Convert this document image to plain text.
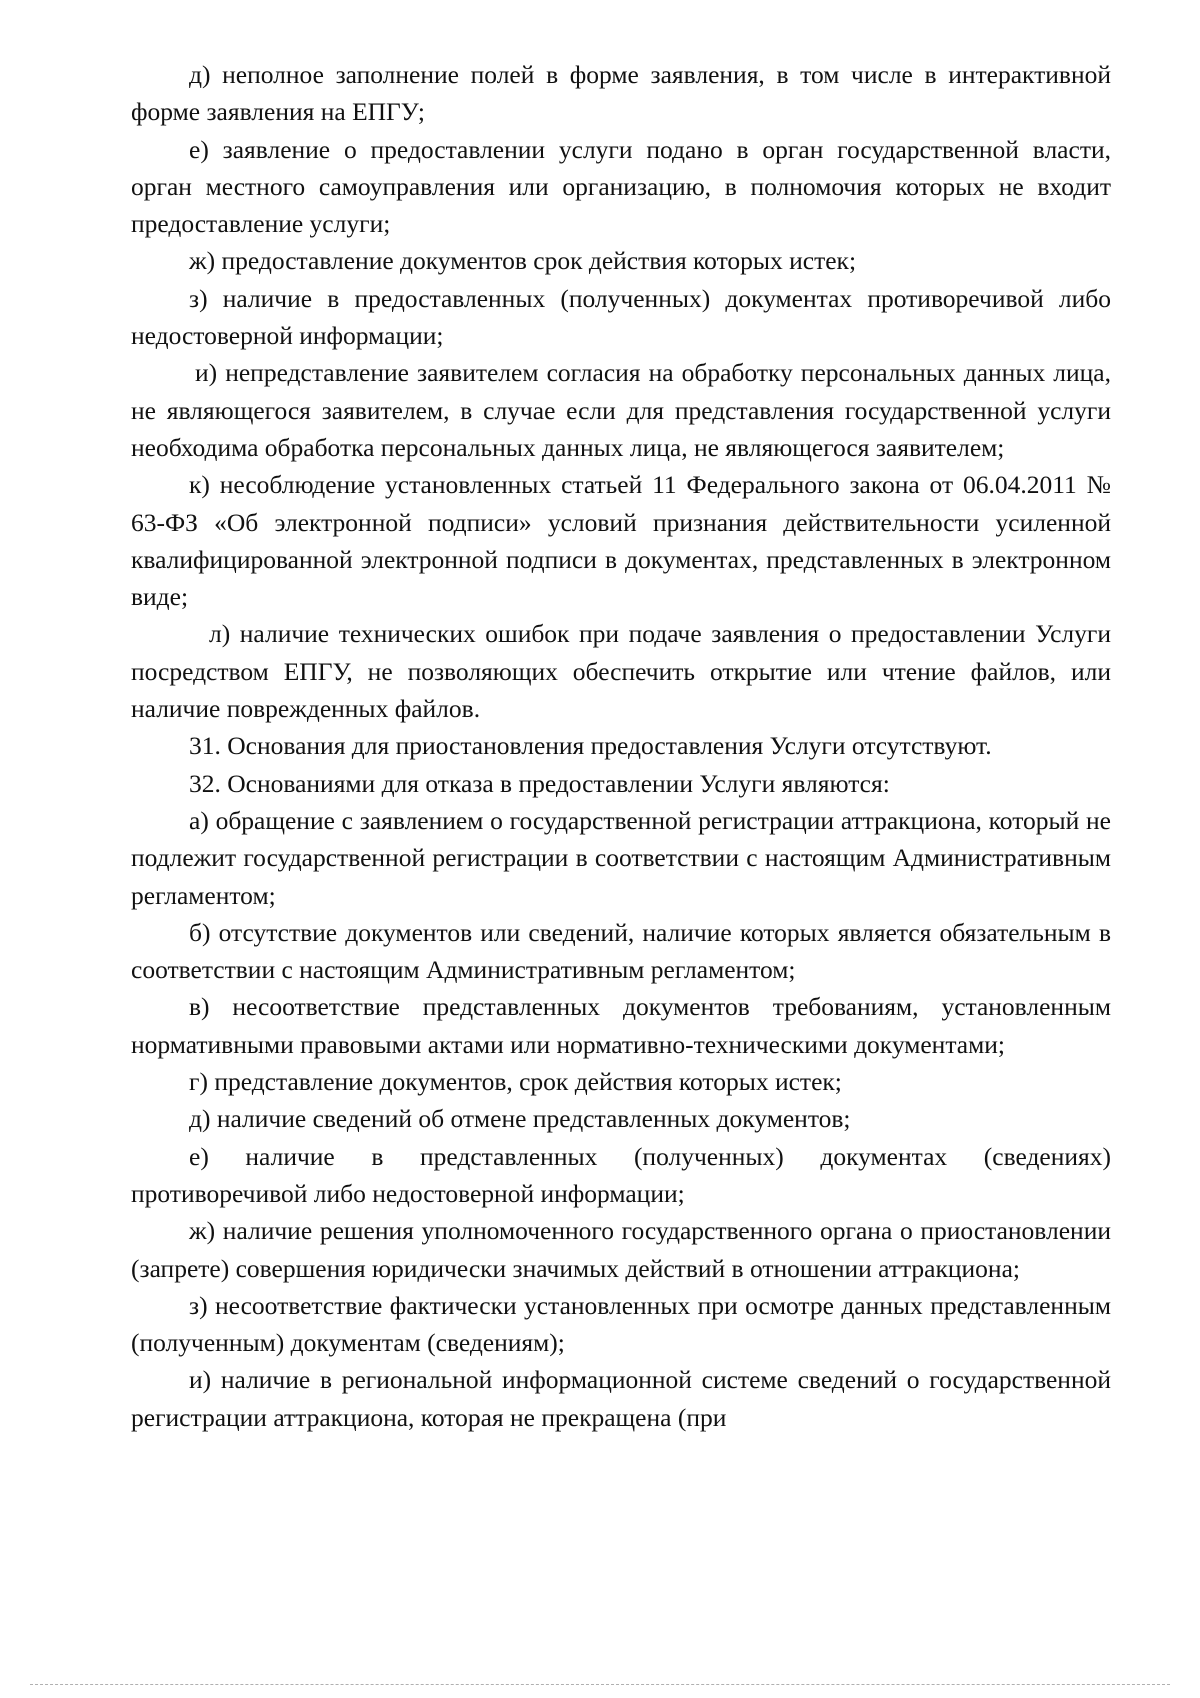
д) неполное заполнение полей в форме заявления, в том числе в интерактивной форме заявления на ЕПГУ;

е) заявление о предоставлении услуги подано в орган государственной власти, орган местного самоуправления или организацию, в полномочия которых не входит предоставление услуги;

ж) предоставление документов срок действия которых истек;

з) наличие в предоставленных (полученных) документах противоречивой либо недостоверной информации;

и) непредставление заявителем согласия на обработку персональных данных лица, не являющегося заявителем, в случае если для представления государственной услуги необходима обработка персональных данных лица, не являющегося заявителем;

к) несоблюдение установленных статьей 11 Федерального закона от 06.04.2011 № 63-ФЗ «Об электронной подписи» условий признания действительности усиленной квалифицированной электронной подписи в документах, представленных в электронном виде;

л) наличие технических ошибок при подаче заявления о предоставлении Услуги посредством ЕПГУ, не позволяющих обеспечить открытие или чтение файлов, или наличие поврежденных файлов.

31. Основания для приостановления предоставления Услуги отсутствуют.

32. Основаниями для отказа в предоставлении Услуги являются:

а) обращение с заявлением о государственной регистрации аттракциона, который не подлежит государственной регистрации в соответствии с настоящим Административным регламентом;

б) отсутствие документов или сведений, наличие которых является обязательным в соответствии с настоящим Административным регламентом;

в) несоответствие представленных документов требованиям, установленным нормативными правовыми актами или нормативно-техническими документами;

г) представление документов, срок действия которых истек;

д) наличие сведений об отмене представленных документов;

е) наличие в представленных (полученных) документах (сведениях) противоречивой либо недостоверной информации;

ж) наличие решения уполномоченного государственного органа о приостановлении (запрете) совершения юридически значимых действий в отношении аттракциона;

з) несоответствие фактически установленных при осмотре данных представленным (полученным) документам (сведениям);

и) наличие в региональной информационной системе сведений о государственной регистрации аттракциона, которая не прекращена (при
